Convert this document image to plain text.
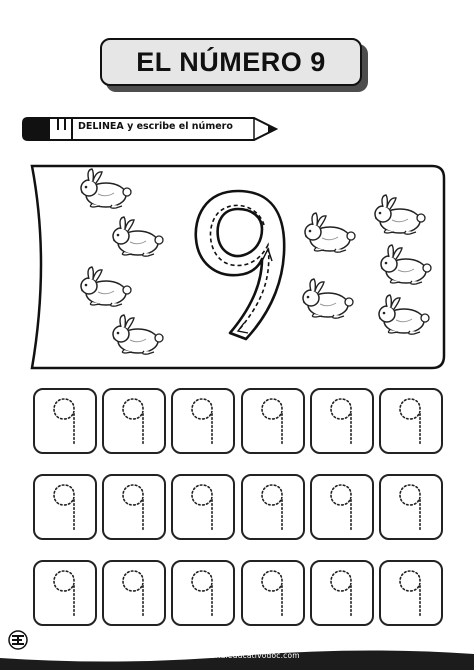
EL NÚMERO 9
DELINEA y escribe el número
www.materialeducativodoc.com
